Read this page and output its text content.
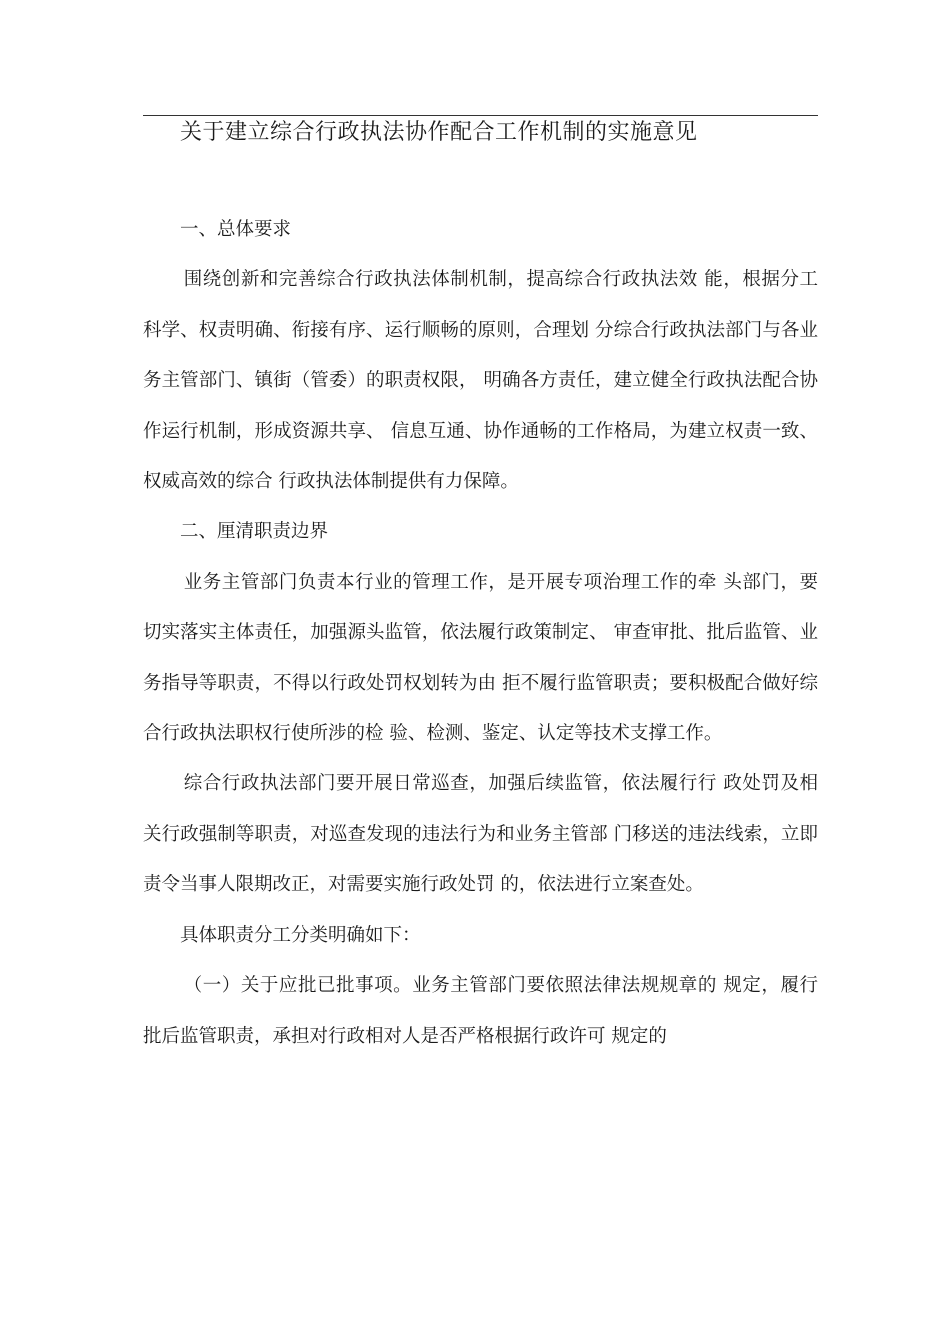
关于建立综合行政执法协作配合工作机制的实施意见

一、总体要求

围绕创新和完善综合行政执法体制机制，提高综合行政执法效 能，根据分工科学、权责明确、衔接有序、运行顺畅的原则，合理划 分综合行政执法部门与各业务主管部门、镇街（管委）的职责权限， 明确各方责任，建立健全行政执法配合协作运行机制，形成资源共享、 信息互通、协作通畅的工作格局，为建立权责一致、权威高效的综合 行政执法体制提供有力保障。

二、厘清职责边界

业务主管部门负责本行业的管理工作，是开展专项治理工作的牵 头部门，要切实落实主体责任，加强源头监管，依法履行政策制定、 审查审批、批后监管、业务指导等职责，不得以行政处罚权划转为由 拒不履行监管职责；要积极配合做好综合行政执法职权行使所涉的检 验、检测、鉴定、认定等技术支撑工作。

综合行政执法部门要开展日常巡查，加强后续监管，依法履行行 政处罚及相关行政强制等职责，对巡查发现的违法行为和业务主管部 门移送的违法线索，立即责令当事人限期改正，对需要实施行政处罚 的，依法进行立案查处。

具体职责分工分类明确如下：

（一）关于应批已批事项。业务主管部门要依照法律法规规章的 规定，履行批后监管职责，承担对行政相对人是否严格根据行政许可 规定的
